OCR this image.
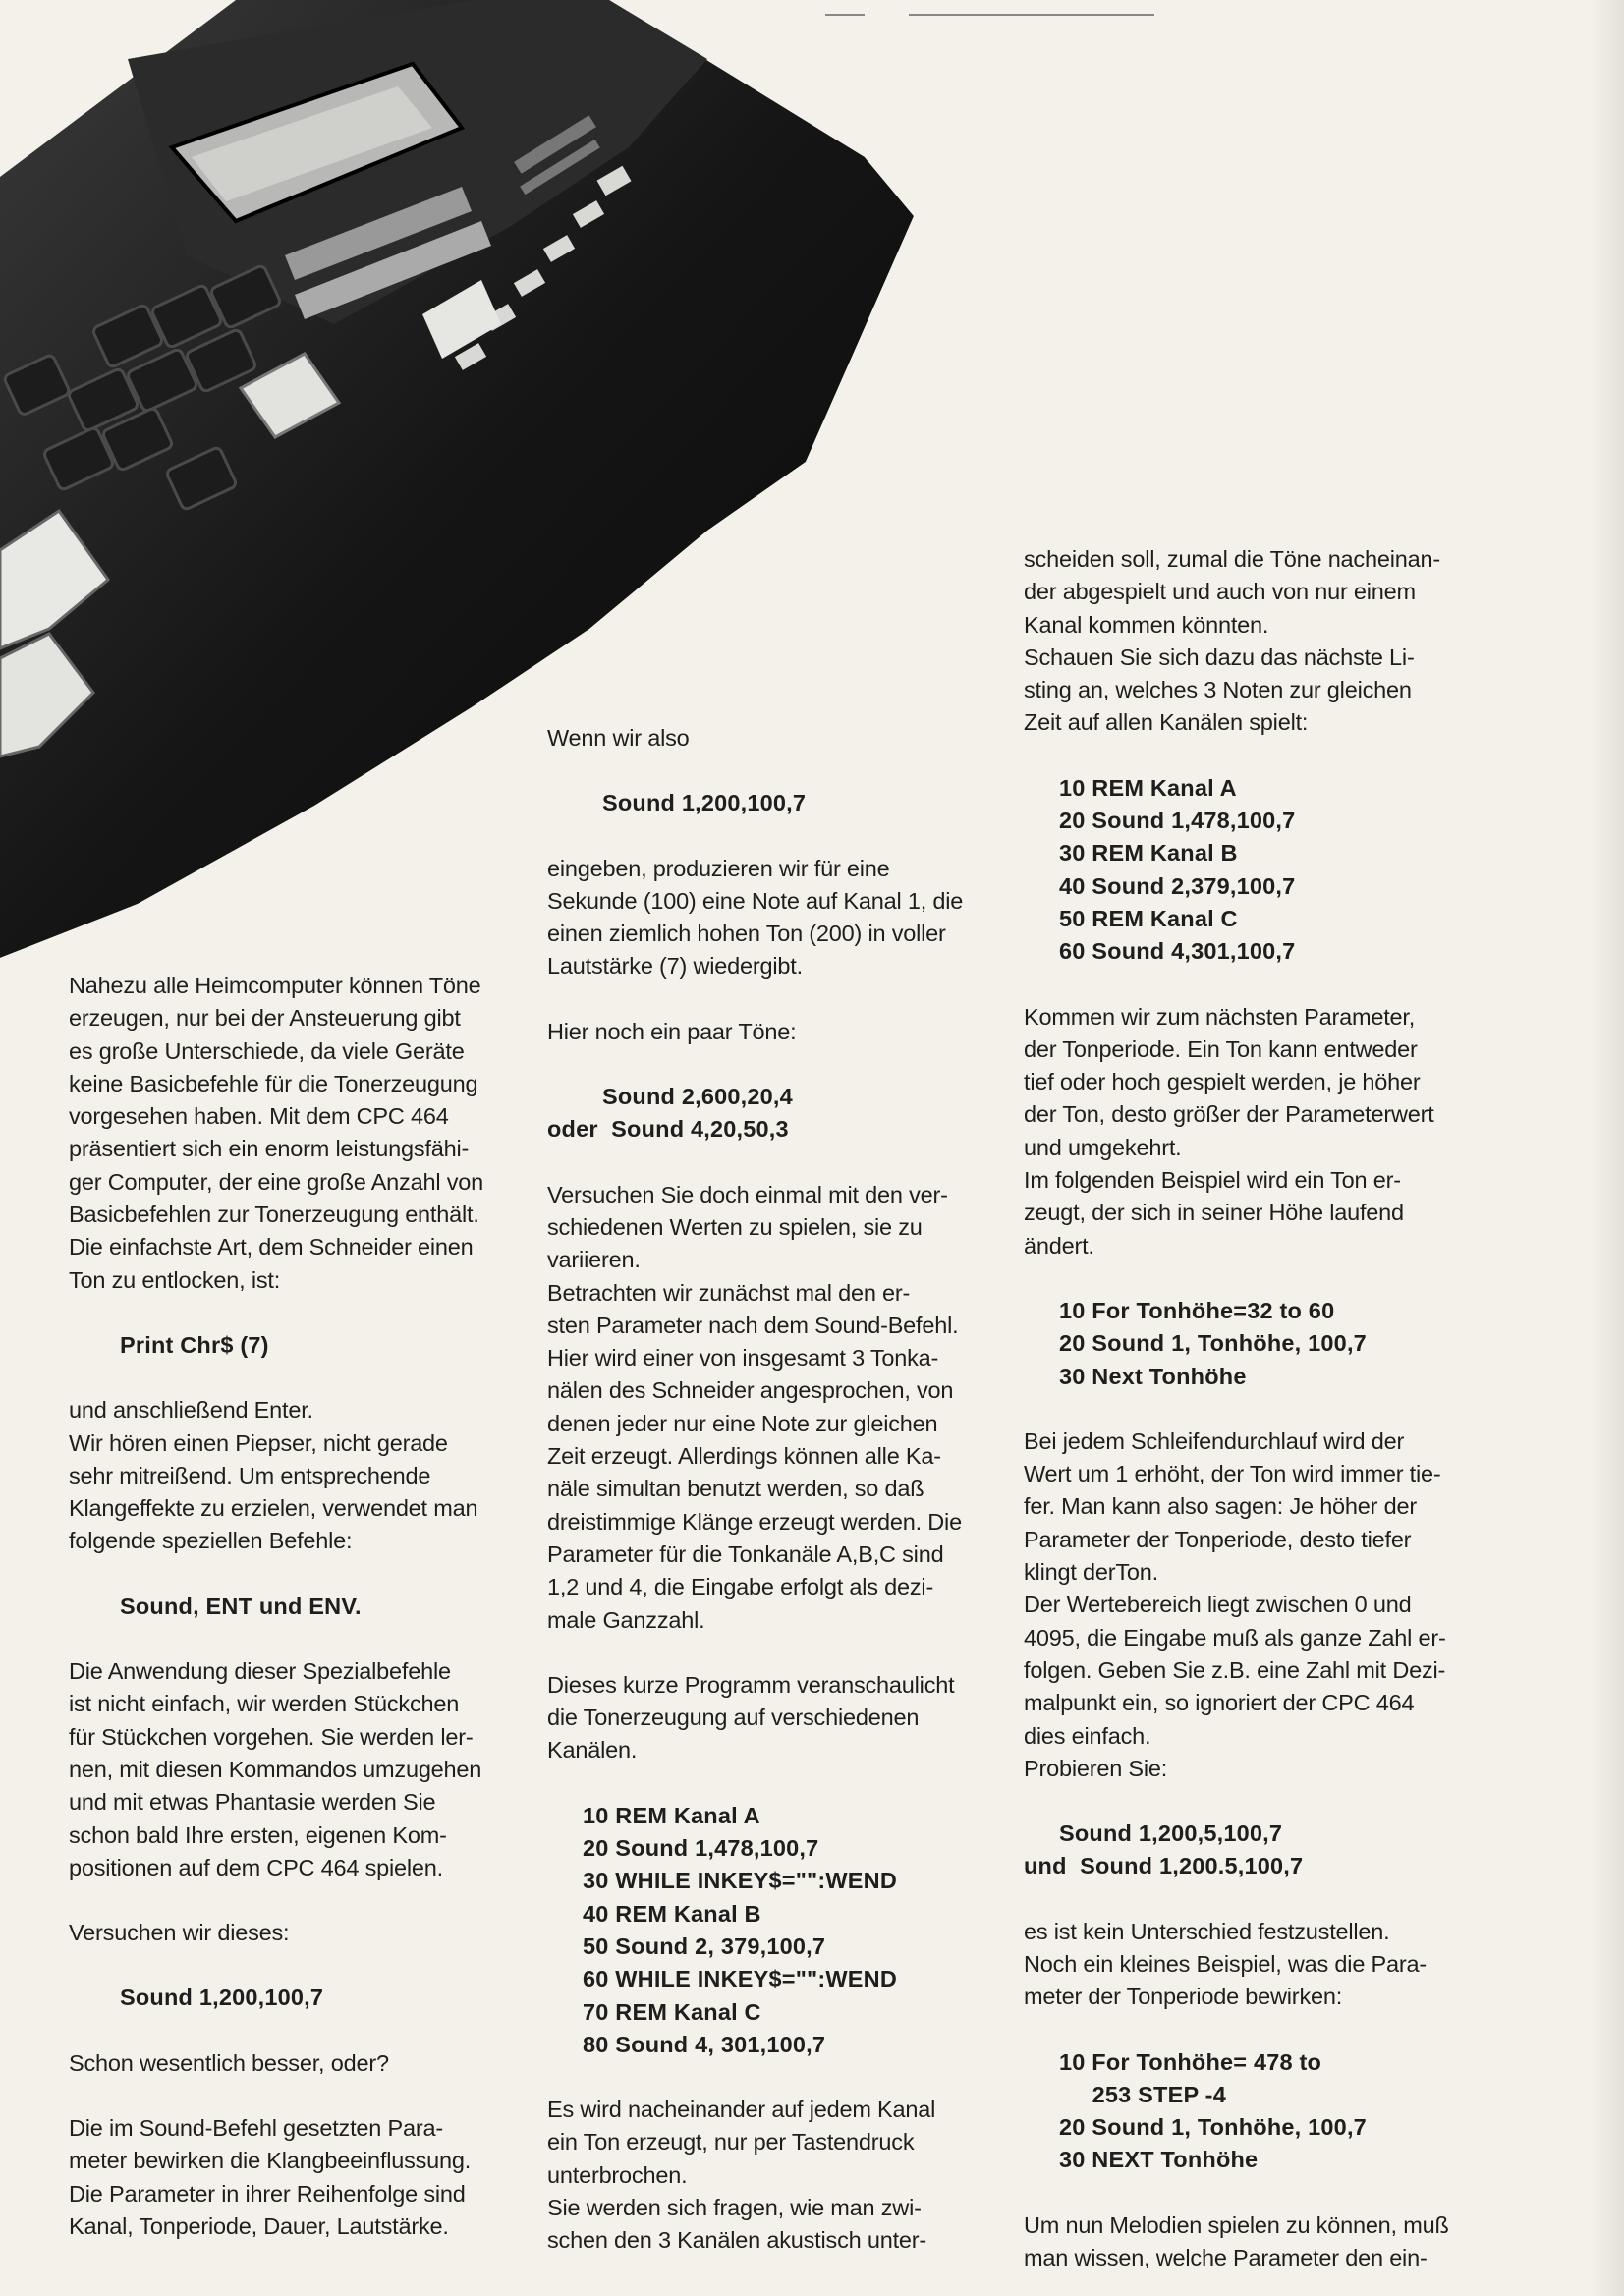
Nahezu alle Heimcomputer können Töne

erzeugen, nur bei der Ansteuerung gibt

es große Unterschiede, da viele Geräte

keine Basicbefehle für die Tonerzeugung

vorgesehen haben. Mit dem CPC 464

präsentiert sich ein enorm leistungsfähi-

ger Computer, der eine große Anzahl von

Basicbefehlen zur Tonerzeugung enthält.

Die einfachste Art, dem Schneider einen

Ton zu entlocken, ist:

Print Chr$ (7)

und anschließend Enter.

Wir hören einen Piepser, nicht gerade

sehr mitreißend. Um entsprechende

Klangeffekte zu erzielen, verwendet man

folgende speziellen Befehle:

Sound, ENT und ENV.

Die Anwendung dieser Spezialbefehle

ist nicht einfach, wir werden Stückchen

für Stückchen vorgehen. Sie werden ler-

nen, mit diesen Kommandos umzugehen

und mit etwas Phantasie werden Sie

schon bald Ihre ersten, eigenen Kom-

positionen auf dem CPC 464 spielen.

Versuchen wir dieses:

Sound 1,200,100,7

Schon wesentlich besser, oder?

Die im Sound-Befehl gesetzten Para-

meter bewirken die Klangbeeinflussung.

Die Parameter in ihrer Reihenfolge sind

Kanal, Tonperiode, Dauer, Lautstärke.

Wenn wir also

Sound 1,200,100,7

eingeben, produzieren wir für eine

Sekunde (100) eine Note auf Kanal 1, die

einen ziemlich hohen Ton (200) in voller

Lautstärke (7) wiedergibt.

Hier noch ein paar Töne:

Sound 2,600,20,4

oder  Sound 4,20,50,3

Versuchen Sie doch einmal mit den ver-

schiedenen Werten zu spielen, sie zu

variieren.

Betrachten wir zunächst mal den er-

sten Parameter nach dem Sound-Befehl.

Hier wird einer von insgesamt 3 Tonka-

nälen des Schneider angesprochen, von

denen jeder nur eine Note zur gleichen

Zeit erzeugt. Allerdings können alle Ka-

näle simultan benutzt werden, so daß

dreistimmige Klänge erzeugt werden. Die

Parameter für die Tonkanäle A,B,C sind

1,2 und 4, die Eingabe erfolgt als dezi-

male Ganzzahl.

Dieses kurze Programm veranschaulicht

die Tonerzeugung auf verschiedenen

Kanälen.

10 REM Kanal A

20 Sound 1,478,100,7

30 WHILE INKEY$="":WEND

40 REM Kanal B

50 Sound 2, 379,100,7

60 WHILE INKEY$="":WEND

70 REM Kanal C

80 Sound 4, 301,100,7

Es wird nacheinander auf jedem Kanal

ein Ton erzeugt, nur per Tastendruck

unterbrochen.

Sie werden sich fragen, wie man zwi-

schen den 3 Kanälen akustisch unter-

scheiden soll, zumal die Töne nacheinan-

der abgespielt und auch von nur einem

Kanal kommen könnten.

Schauen Sie sich dazu das nächste Li-

sting an, welches 3 Noten zur gleichen

Zeit auf allen Kanälen spielt:

10 REM Kanal A

20 Sound 1,478,100,7

30 REM Kanal B

40 Sound 2,379,100,7

50 REM Kanal C

60 Sound 4,301,100,7

Kommen wir zum nächsten Parameter,

der Tonperiode. Ein Ton kann entweder

tief oder hoch gespielt werden, je höher

der Ton, desto größer der Parameterwert

und umgekehrt.

Im folgenden Beispiel wird ein Ton er-

zeugt, der sich in seiner Höhe laufend

ändert.

10 For Tonhöhe=32 to 60

20 Sound 1, Tonhöhe, 100,7

30 Next Tonhöhe

Bei jedem Schleifendurchlauf wird der

Wert um 1 erhöht, der Ton wird immer tie-

fer. Man kann also sagen: Je höher der

Parameter der Tonperiode, desto tiefer

klingt derTon.

Der Wertebereich liegt zwischen 0 und

4095, die Eingabe muß als ganze Zahl er-

folgen. Geben Sie z.B. eine Zahl mit Dezi-

malpunkt ein, so ignoriert der CPC 464

dies einfach.

Probieren Sie:

Sound 1,200,5,100,7

und  Sound 1,200.5,100,7

es ist kein Unterschied festzustellen.

Noch ein kleines Beispiel, was die Para-

meter der Tonperiode bewirken:

10 For Tonhöhe= 478 to

253 STEP -4

20 Sound 1, Tonhöhe, 100,7

30 NEXT Tonhöhe

Um nun Melodien spielen zu können, muß

man wissen, welche Parameter den ein-
